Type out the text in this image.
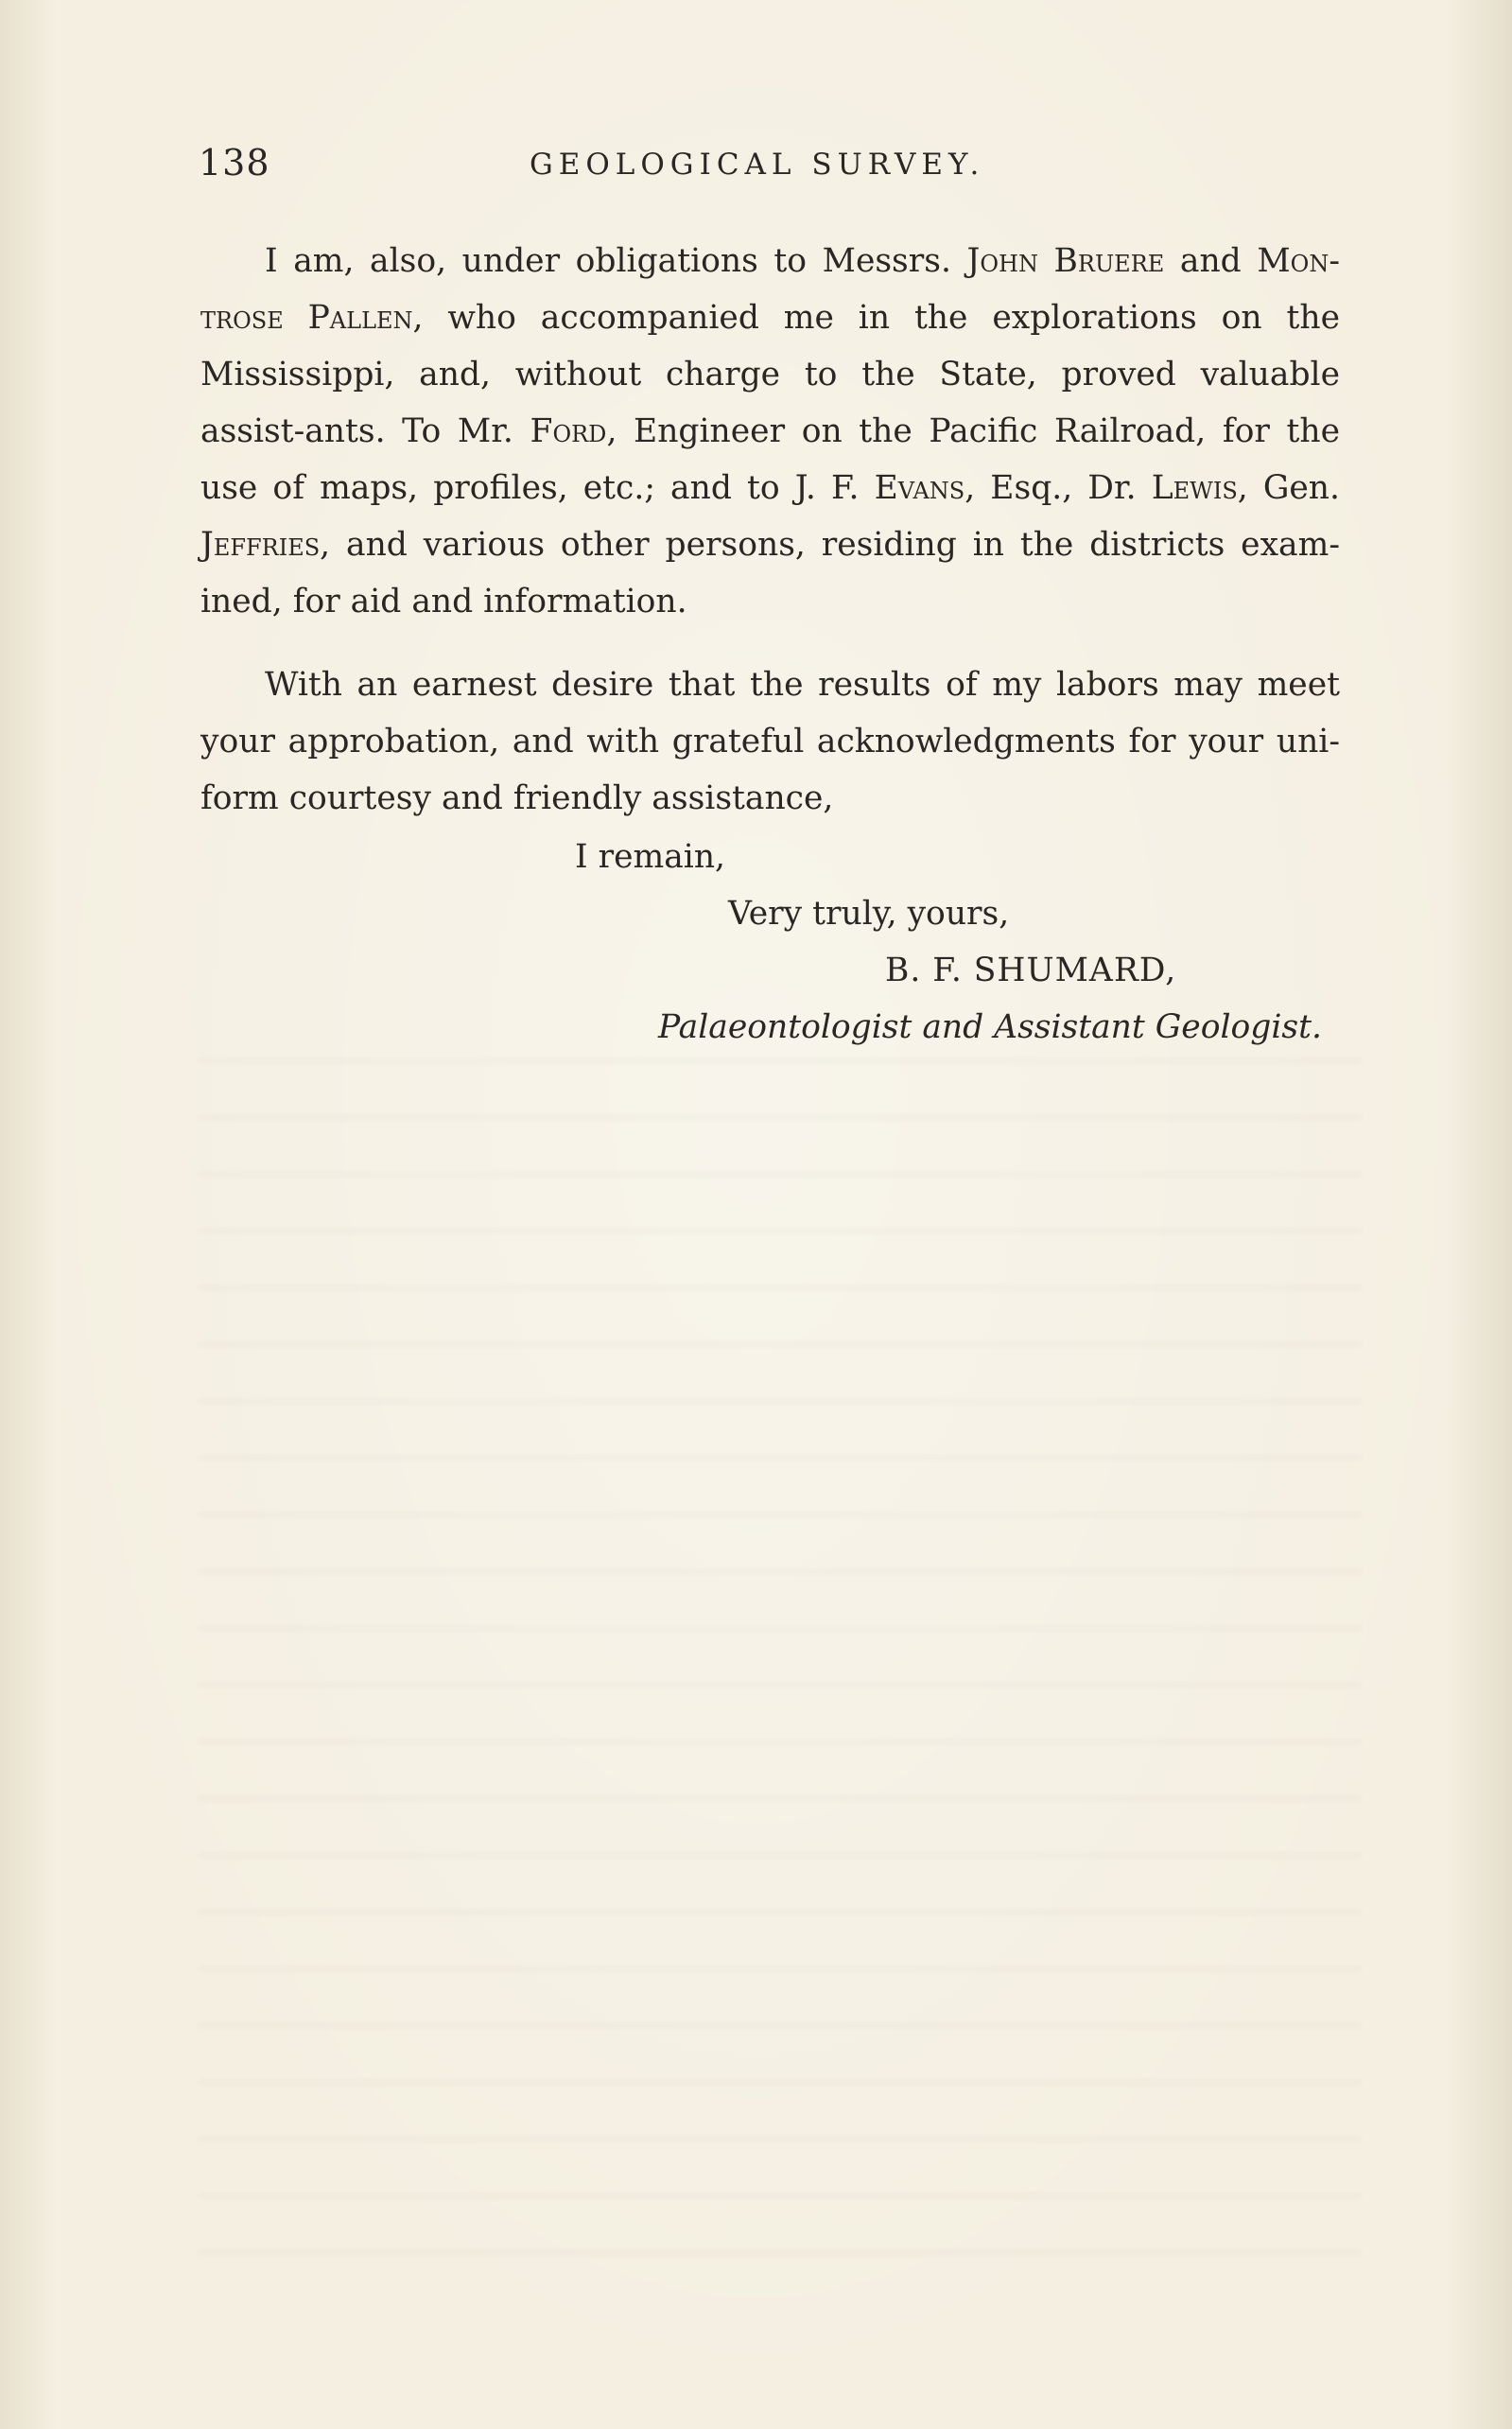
138	GEOLOGICAL SURVEY.

I am, also, under obligations to Messrs. John Bruere and Mon-trose Pallen, who accompanied me in the explorations on the Mississippi, and, without charge to the State, proved valuable assist-ants. To Mr. Ford, Engineer on the Pacific Railroad, for the use of maps, profiles, etc.; and to J. F. Evans, Esq., Dr. Lewis, Gen. Jeffries, and various other persons, residing in the districts exam-ined, for aid and information.

With an earnest desire that the results of my labors may meet your approbation, and with grateful acknowledgments for your uni-form courtesy and friendly assistance,

I remain,
Very truly, yours,
B. F. SHUMARD,
Palaeontologist and Assistant Geologist.
